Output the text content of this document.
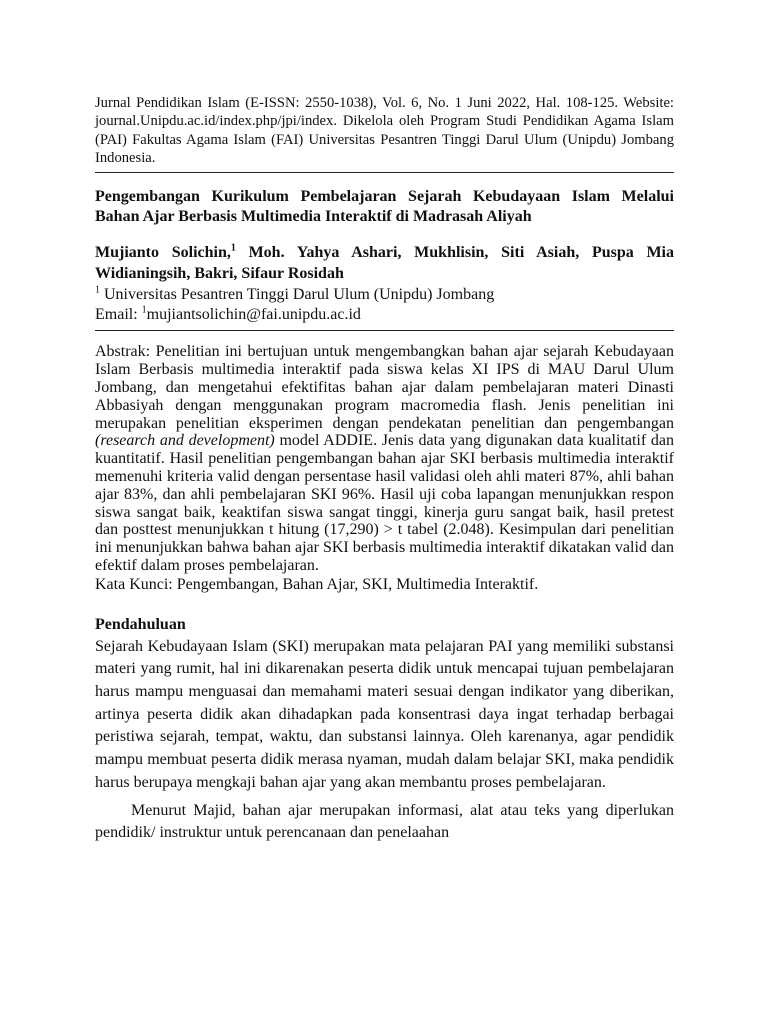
Jurnal Pendidikan Islam (E-ISSN: 2550-1038), Vol. 6, No. 1 Juni 2022, Hal. 108-125. Website: journal.Unipdu.ac.id/index.php/jpi/index. Dikelola oleh Program Studi Pendidikan Agama Islam (PAI) Fakultas Agama Islam (FAI) Universitas Pesantren Tinggi Darul Ulum (Unipdu) Jombang Indonesia.
Pengembangan Kurikulum Pembelajaran Sejarah Kebudayaan Islam Melalui Bahan Ajar Berbasis Multimedia Interaktif di Madrasah Aliyah
Mujianto Solichin,$^1$ Moh. Yahya Ashari, Mukhlisin, Siti Asiah, Puspa Mia Widianingsih, Bakri, Sifaur Rosidah
$^1$ Universitas Pesantren Tinggi Darul Ulum (Unipdu) Jombang
Email: $^1$mujiantsolichin@fai.unipdu.ac.id
Abstrak: Penelitian ini bertujuan untuk mengembangkan bahan ajar sejarah Kebudayaan Islam Berbasis multimedia interaktif pada siswa kelas XI IPS di MAU Darul Ulum Jombang, dan mengetahui efektifitas bahan ajar dalam pembelajaran materi Dinasti Abbasiyah dengan menggunakan program macromedia flash. Jenis penelitian ini merupakan penelitian eksperimen dengan pendekatan penelitian dan pengembangan (research and development) model ADDIE. Jenis data yang digunakan data kualitatif dan kuantitatif. Hasil penelitian pengembangan bahan ajar SKI berbasis multimedia interaktif memenuhi kriteria valid dengan persentase hasil validasi oleh ahli materi 87%, ahli bahan ajar 83%, dan ahli pembelajaran SKI 96%. Hasil uji coba lapangan menunjukkan respon siswa sangat baik, keaktifan siswa sangat tinggi, kinerja guru sangat baik, hasil pretest dan posttest menunjukkan t hitung (17,290) > t tabel (2.048). Kesimpulan dari penelitian ini menunjukkan bahwa bahan ajar SKI berbasis multimedia interaktif dikatakan valid dan efektif dalam proses pembelajaran.
Kata Kunci: Pengembangan, Bahan Ajar, SKI, Multimedia Interaktif.
Pendahuluan

Sejarah Kebudayaan Islam (SKI) merupakan mata pelajaran PAI yang memiliki substansi materi yang rumit, hal ini dikarenakan peserta didik untuk mencapai tujuan pembelajaran harus mampu menguasai dan memahami materi sesuai dengan indikator yang diberikan, artinya peserta didik akan dihadapkan pada konsentrasi daya ingat terhadap berbagai peristiwa sejarah, tempat, waktu, dan substansi lainnya. Oleh karenanya, agar pendidik mampu membuat peserta didik merasa nyaman, mudah dalam belajar SKI, maka pendidik harus berupaya mengkaji bahan ajar yang akan membantu proses pembelajaran.

Menurut Majid, bahan ajar merupakan informasi, alat atau teks yang diperlukan pendidik/ instruktur untuk perencanaan dan penelaahan
